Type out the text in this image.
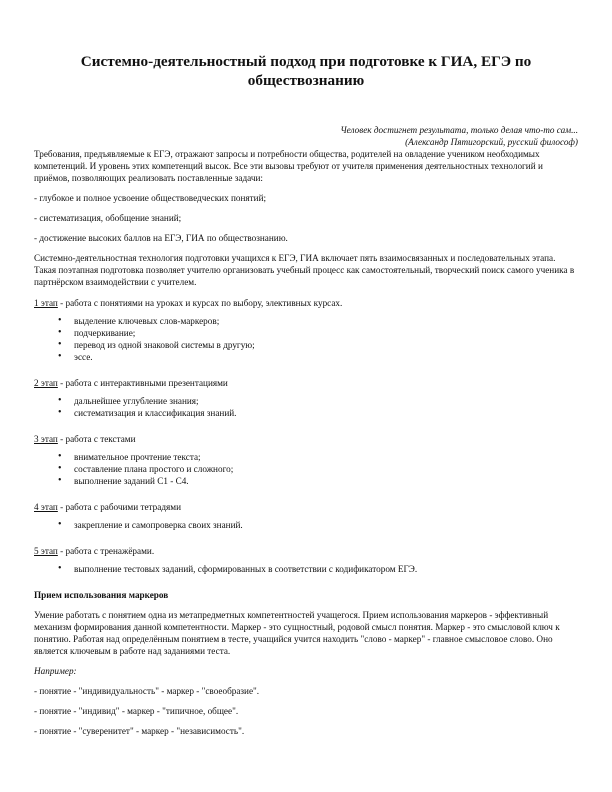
Системно-деятельностный подход при подготовке к ГИА, ЕГЭ по обществознанию
Человек достигнет результата, только делая что-то сам...
(Александр Пятигорский, русский философ)

Требования, предъявляемые к ЕГЭ, отражают запросы и потребности общества, родителей на овладение учеником необходимых компетенций. И уровень этих компетенций высок. Все эти вызовы требуют от учителя применения деятельностных технологий и приёмов, позволяющих реализовать поставленные задачи:

- глубокое и полное усвоение обществоведческих понятий;

- систематизация, обобщение знаний;

- достижение высоких баллов на ЕГЭ, ГИА по обществознанию.

Системно-деятельностная технология подготовки учащихся к ЕГЭ, ГИА включает пять взаимосвязанных и последовательных этапа. Такая поэтапная подготовка позволяет учителю организовать учебный процесс как самостоятельный, творческий поиск самого ученика в партнёрском взаимодействии с учителем.

1 этап - работа с понятиями на уроках и курсах по выбору, элективных курсах.

• выделение ключевых слов-маркеров;
• подчеркивание;
• перевод из одной знаковой системы в другую;
• эссе.

2 этап - работа с интерактивными презентациями

• дальнейшее углубление знания;
• систематизация и классификация знаний.

3 этап - работа с текстами

• внимательное прочтение текста;
• составление плана простого и сложного;
• выполнение заданий С1 - С4.

4 этап - работа с рабочими тетрадями

• закрепление и самопроверка своих знаний.

5 этап - работа с тренажёрами.

• выполнение тестовых заданий, сформированных в соответствии с кодификатором ЕГЭ.

Прием использования маркеров

Умение работать с понятием одна из метапредметных компетентностей учащегося. Прием использования маркеров - эффективный механизм формирования данной компетентности. Маркер - это сущностный, родовой смысл понятия. Маркер - это смысловой ключ к понятию. Работая над определённым понятием в тесте, учащийся учится находить "слово - маркер" - главное смысловое слово. Оно является ключевым в работе над заданиями теста.

Например:

- понятие - "индивидуальность" - маркер - "своеобразие".

- понятие - "индивид" - маркер - "типичное, общее".

- понятие - "суверенитет" - маркер - "независимость".
